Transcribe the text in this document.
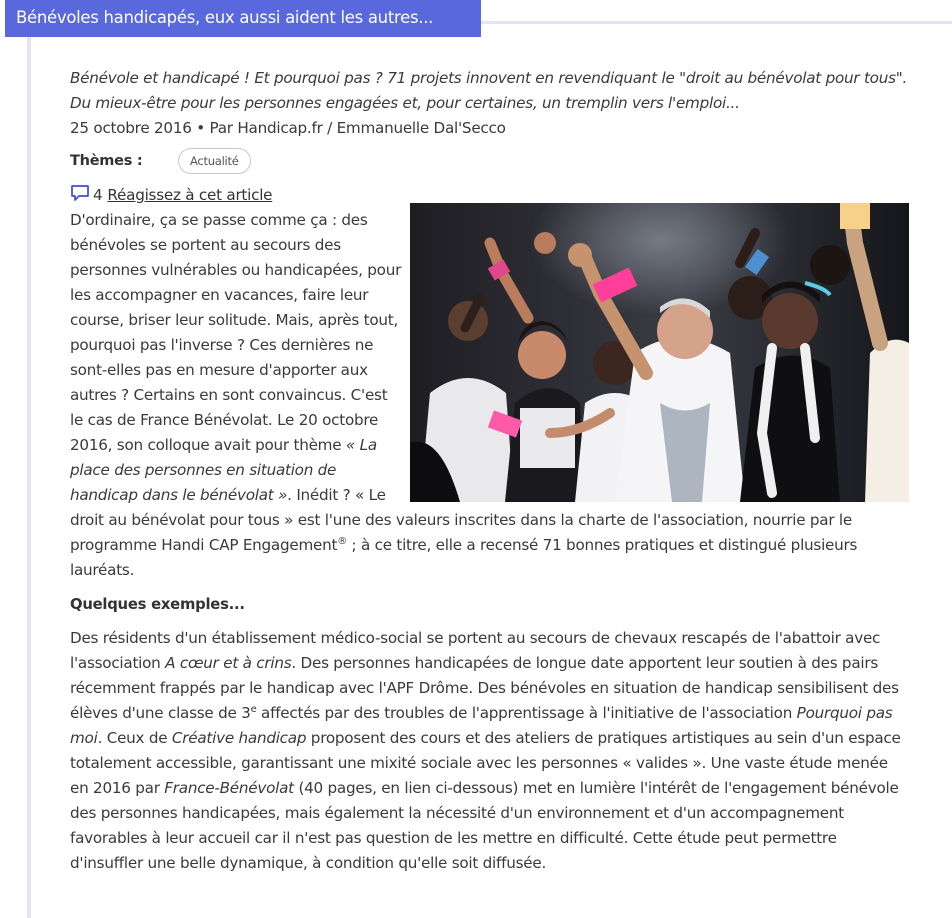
Bénévoles handicapés, eux aussi aident les autres...

Bénévole et handicapé ! Et pourquoi pas ? 71 projets innovent en revendiquant le "droit au bénévolat pour tous". Du mieux-être pour les personnes engagées et, pour certaines, un tremplin vers l'emploi...

25 octobre 2016 • Par Handicap.fr / Emmanuelle Dal'Secco

Thèmes :	Actualité
4 Réagissez à cet article

D'ordinaire, ça se passe comme ça : des bénévoles se portent au secours des personnes vulnérables ou handicapées, pour les accompagner en vacances, faire leur course, briser leur solitude. Mais, après tout, pourquoi pas l'inverse ? Ces dernières ne sont-elles pas en mesure d'apporter aux autres ? Certains en sont convaincus. C'est le cas de France Bénévolat. Le 20 octobre 2016, son colloque avait pour thème « La place des personnes en situation de handicap dans le bénévolat ». Inédit ? « Le droit au bénévolat pour tous » est l'une des valeurs inscrites dans la charte de l'association, nourrie par le programme Handi CAP Engagement® ; à ce titre, elle a recensé 71 bonnes pratiques et distingué plusieurs lauréats.

Quelques exemples...

Des résidents d'un établissement médico-social se portent au secours de chevaux rescapés de l'abattoir avec l'association A cœur et à crins. Des personnes handicapées de longue date apportent leur soutien à des pairs récemment frappés par le handicap avec l'APF Drôme. Des bénévoles en situation de handicap sensibilisent des élèves d'une classe de 3e affectés par des troubles de l'apprentissage à l'initiative de l'association Pourquoi pas moi. Ceux de Créative handicap proposent des cours et des ateliers de pratiques artistiques au sein d'un espace totalement accessible, garantissant une mixité sociale avec les personnes « valides ». Une vaste étude menée en 2016 par France-Bénévolat (40 pages, en lien ci-dessous) met en lumière l'intérêt de l'engagement bénévole des personnes handicapées, mais également la nécessité d'un environnement et d'un accompagnement favorables à leur accueil car il n'est pas question de les mettre en difficulté. Cette étude peut permettre d'insuffler une belle dynamique, à condition qu'elle soit diffusée.
